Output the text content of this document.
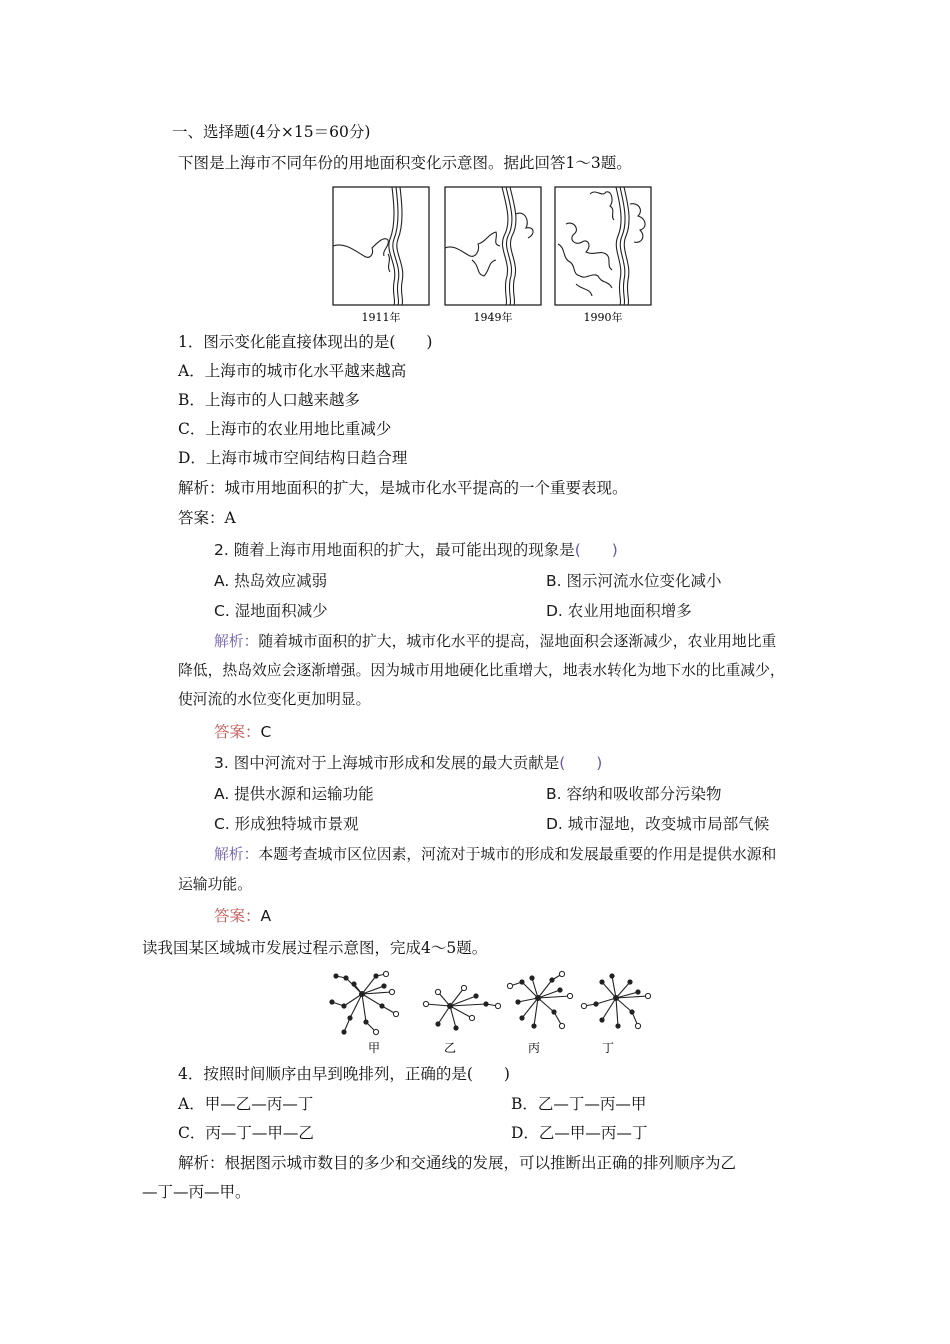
一、选择题(4分×15＝60分)
下图是上海市不同年份的用地面积变化示意图。据此回答1～3题。
1911年	1949年	1990年
1．图示变化能直接体现出的是(　　)
A．上海市的城市化水平越来越高
B．上海市的人口越来越多
C．上海市的农业用地比重减少
D．上海市城市空间结构日趋合理
解析：城市用地面积的扩大，是城市化水平提高的一个重要表现。
答案：A
2. 随着上海市用地面积的扩大，最可能出现的现象是(　　)
A. 热岛效应减弱	B. 图示河流水位变化减小
C. 湿地面积减少	D. 农业用地面积增多
解析：随着城市面积的扩大，城市化水平的提高，湿地面积会逐渐减少，农业用地比重
降低，热岛效应会逐渐增强。因为城市用地硬化比重增大，地表水转化为地下水的比重减少，
使河流的水位变化更加明显。
答案：C
3. 图中河流对于上海城市形成和发展的最大贡献是(　　)
A. 提供水源和运输功能	B. 容纳和吸收部分污染物
C. 形成独特城市景观	D. 城市湿地，改变城市局部气候
解析：本题考查城市区位因素，河流对于城市的形成和发展最重要的作用是提供水源和
运输功能。
答案：A
读我国某区域城市发展过程示意图，完成4～5题。
甲	乙	丙	丁
4．按照时间顺序由早到晚排列，正确的是(　　)
A．甲—乙—丙—丁	B．乙—丁—丙—甲
C．丙—丁—甲—乙	D．乙—甲—丙—丁
解析：根据图示城市数目的多少和交通线的发展，可以推断出正确的排列顺序为乙
—丁—丙—甲。
